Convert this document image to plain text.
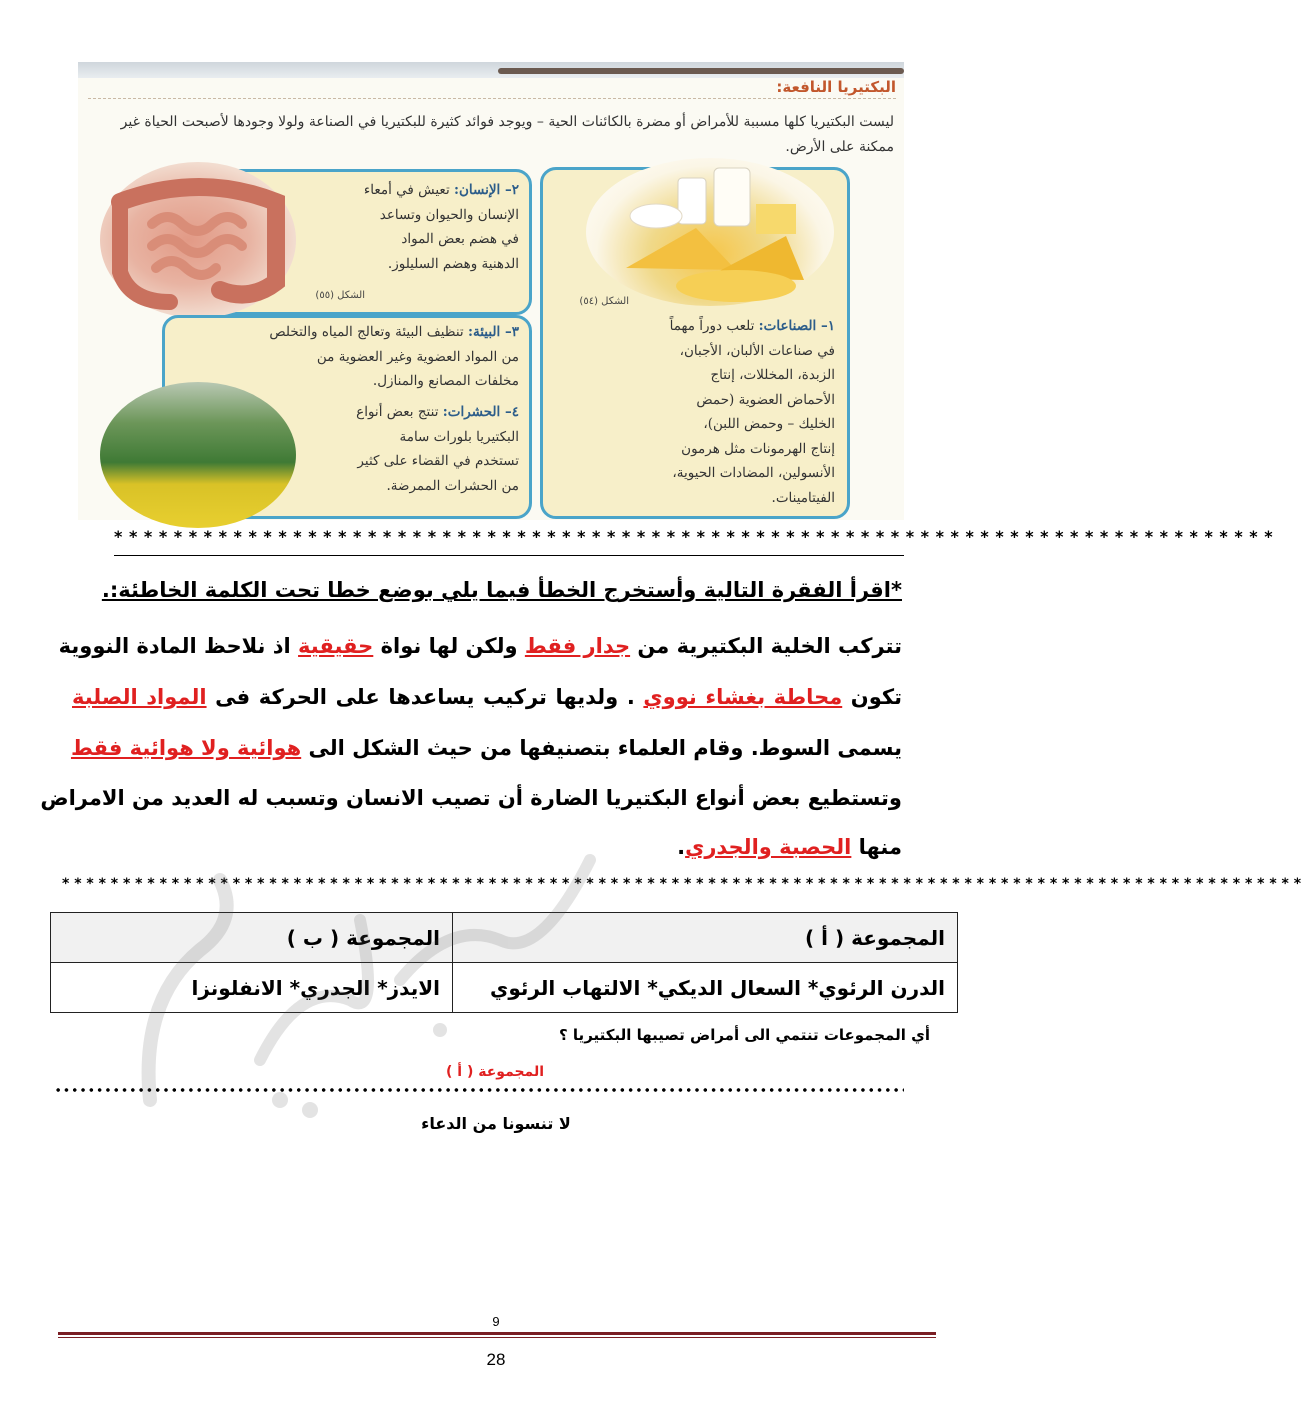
البكتيريا النافعة:
ليست البكتيريا كلها مسببة للأمراض أو مضرة بالكائنات الحية – ويوجد فوائد كثيرة للبكتيريا في الصناعة ولولا وجودها لأصبحت الحياة غير ممكنة على الأرض.
الشكل (٥٤)
١– الصناعات: تلعب دوراً مهماً
في صناعات الألبان، الأجبان،
الزبدة، المخللات، إنتاج
الأحماض العضوية (حمض
الخليك – وحمض اللبن)،
إنتاج الهرمونات مثل هرمون
الأنسولين، المضادات الحيوية،
الفيتامينات.
٢– الإنسان: تعيش في أمعاء
الإنسان والحيوان وتساعد
في هضم بعض المواد
الدهنية وهضم السليلوز.
الشكل (٥٥)
٣– البيئة: تنظيف البيئة وتعالج المياه والتخلص
من المواد العضوية وغير العضوية من
مخلفات المصانع والمنازل.
٤– الحشرات: تنتج بعض أنواع
البكتيريا بلورات سامة
تستخدم في القضاء على كثير
من الحشرات الممرضة.
* * * * * * * * * * * * * * * * * * * * * * * * * * * * * * * * * * * * * * * * * * * * * * * * * * * * * * * * * * * * * * * * * * * * * * * * * * * * * *
*اقرأ الفقرة التالية وأستخرج الخطأ فيما يلي بوضع خطا تحت الكلمة الخاطئة:.
تتركب الخلية البكتيرية من جدار فقط ولكن لها نواة حقيقية اذ نلاحظ المادة النووية
تكون محاطة بغشاء نووي . ولديها تركيب يساعدها على الحركة فى المواد الصلبة
يسمى السوط. وقام العلماء بتصنيفها من حيث الشكل الى هوائية ولا هوائية فقط
وتستطيع بعض أنواع البكتيريا الضارة أن تصيب الانسان وتسبب له العديد من الامراض
منها الحصبة والجدري.
* * * * * * * * * * * * * * * * * * * * * * * * * * * * * * * * * * * * * * * * * * * * * * * * * * * * * * * * * * * * * * * * * * * * * * * * * * * * * * * * * * * * * * * * * * * * * * * * * * * * * *
المجموعة ( أ )	المجموعة ( ب )
الدرن الرئوي* السعال الديكي* الالتهاب الرئوي	الايدز* الجدري* الانفلونزا
أي المجموعات تنتمي الى أمراض تصيبها البكتيريا ؟
المجموعة ( أ )
لا تنسونا من الدعاء
9
28
